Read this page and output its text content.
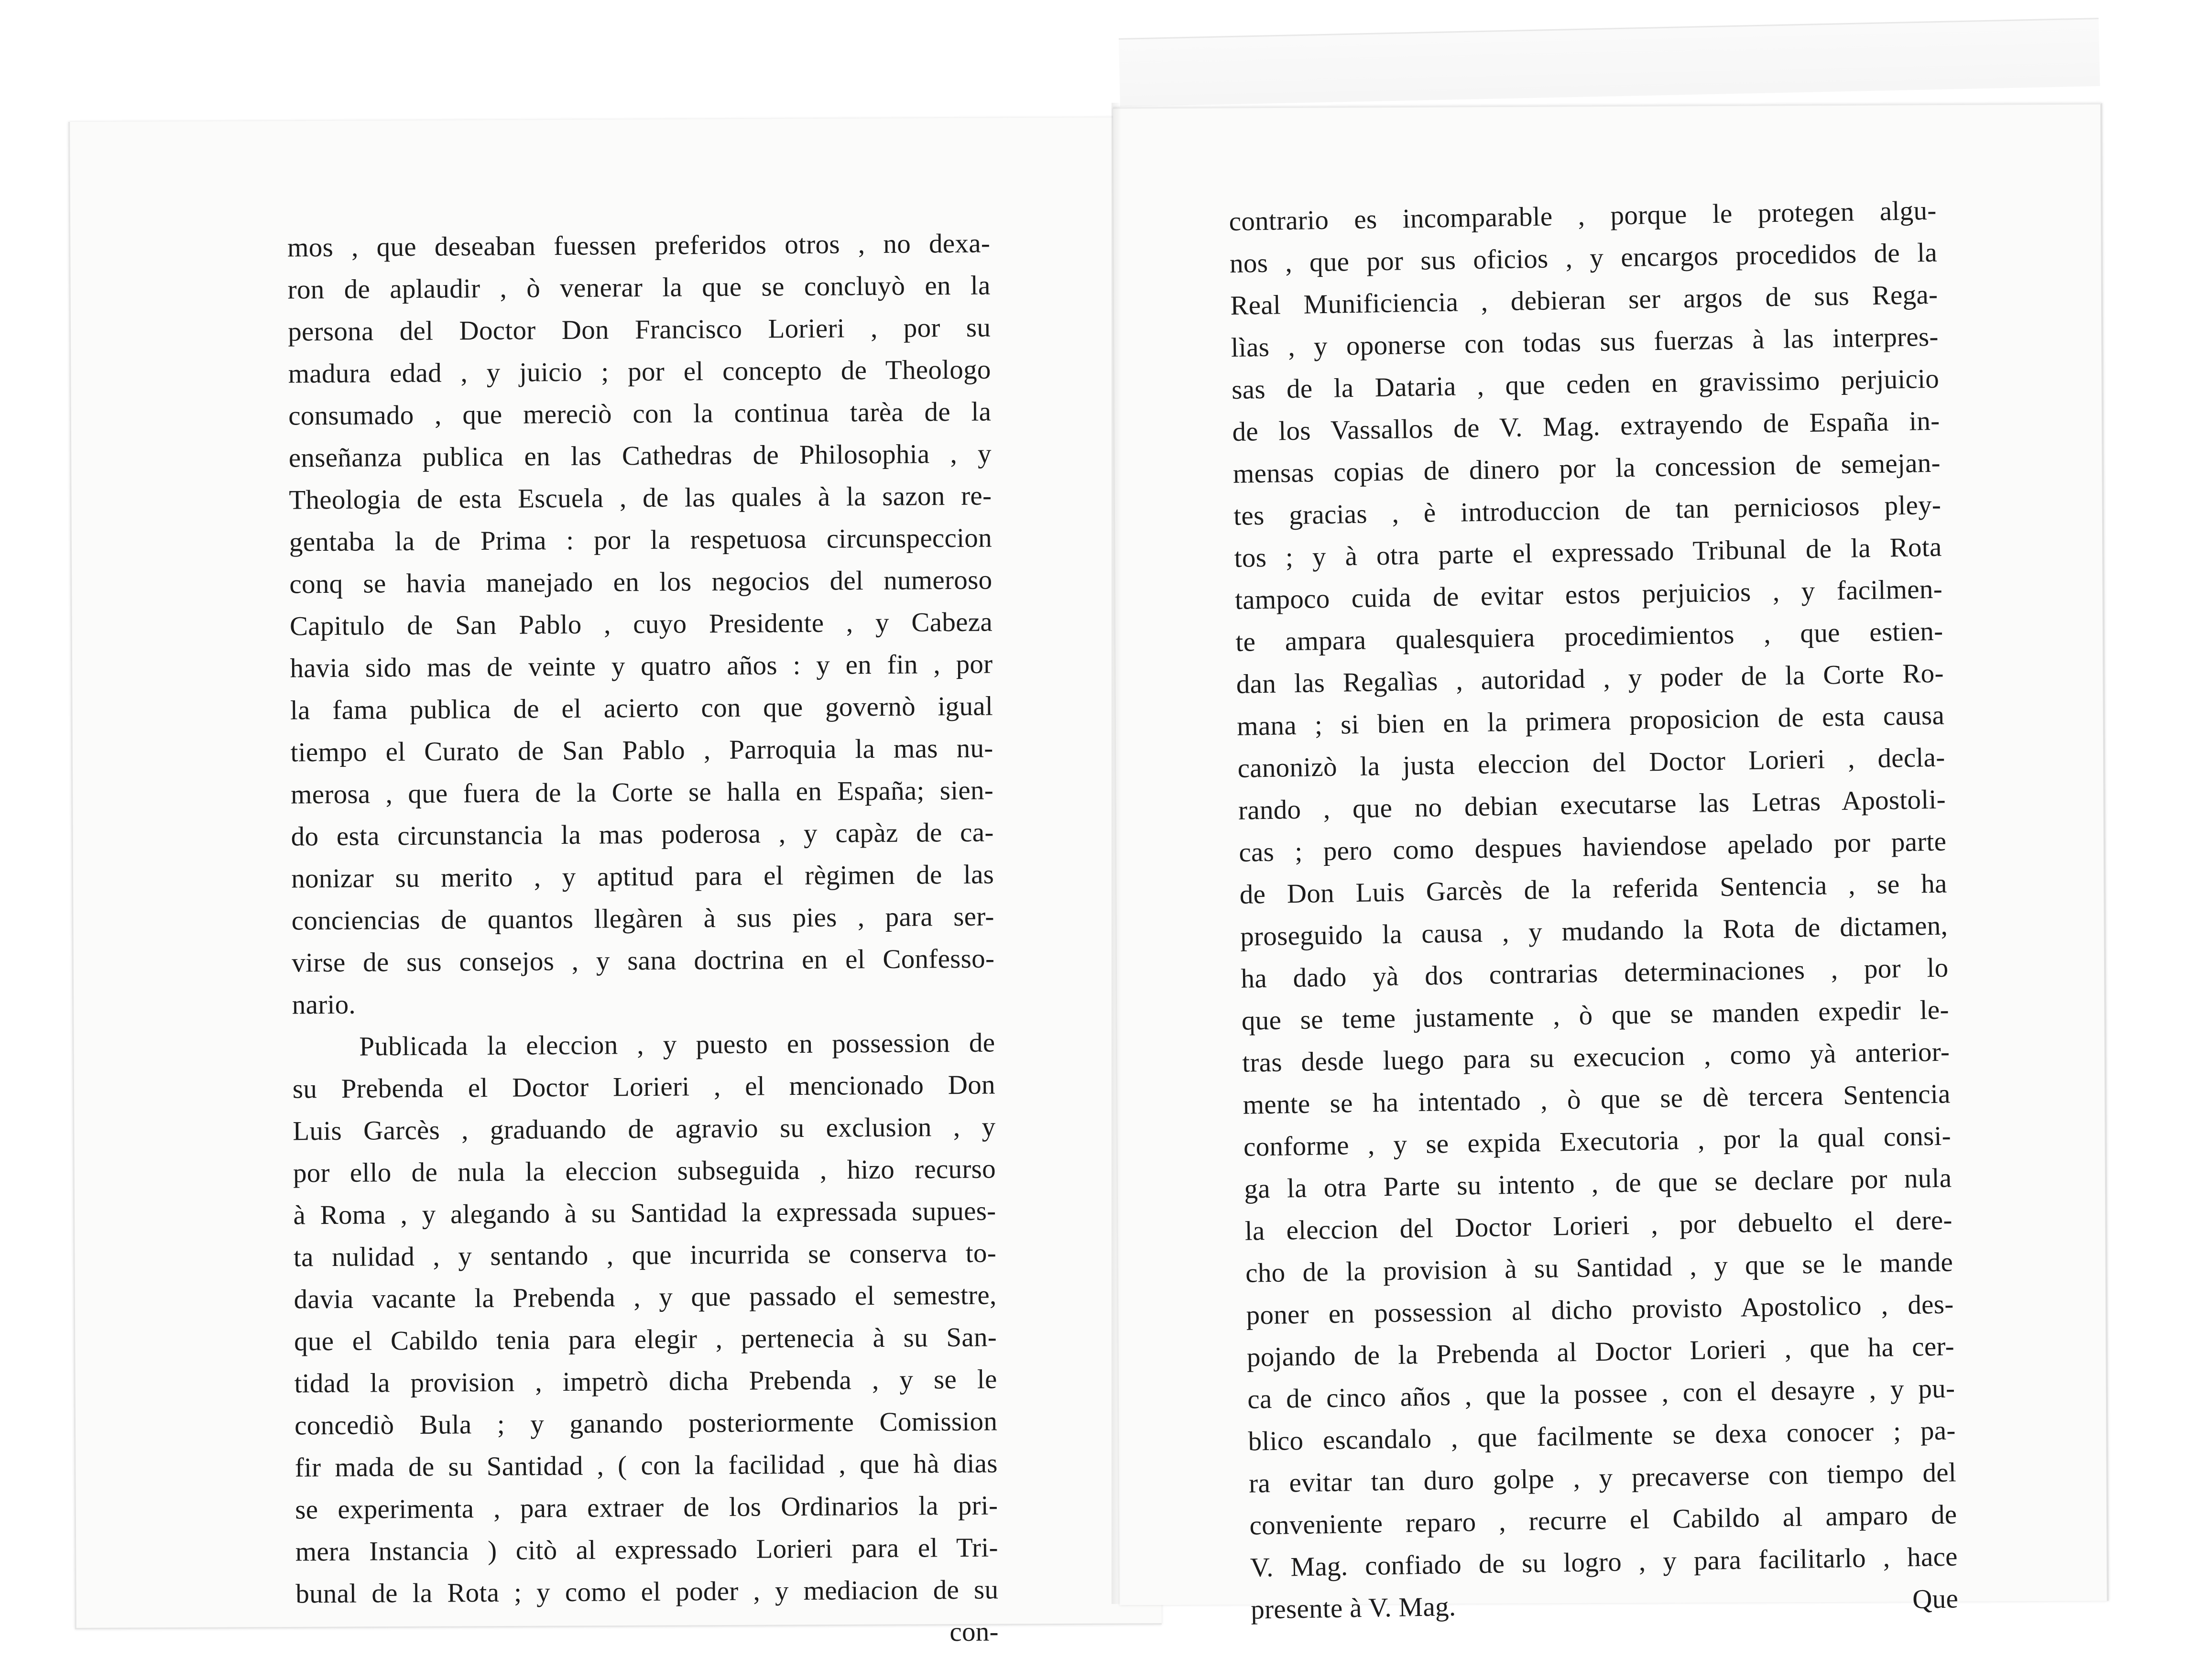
mos , que deseaban fuessen preferidos otros , no dexa-
ron de aplaudir , ò venerar la que se concluyò en la
persona del Doctor Don Francisco Lorieri , por su
madura edad , y juicio ; por el concepto de Theologo
consumado , que mereciò con la continua tarèa de la
enseñanza publica en las Cathedras de Philosophia , y
Theologia de esta Escuela , de las quales à la sazon re-
gentaba la de Prima : por la respetuosa circunspeccion
conq se havia manejado en los negocios del numeroso
Capitulo de San Pablo , cuyo Presidente , y Cabeza
havia sido mas de veinte y quatro años : y en fin , por
la fama publica de el acierto con que governò igual
tiempo el Curato de San Pablo , Parroquia la mas nu-
merosa , que fuera de la Corte se halla en España; sien-
do esta circunstancia la mas poderosa , y capàz de ca-
nonizar su merito , y aptitud para el règimen de las
conciencias de quantos llegàren à sus pies , para ser-
virse de sus consejos , y sana doctrina en el Confesso-
nario.
Publicada la eleccion , y puesto en possession de
su Prebenda el Doctor Lorieri , el mencionado Don
Luis Garcès , graduando de agravio su exclusion , y
por ello de nula la eleccion subseguida , hizo recurso
à Roma , y alegando à su Santidad la expressada supues-
ta nulidad , y sentando , que incurrida se conserva to-
davia vacante la Prebenda , y que passado el semestre,
que el Cabildo tenia para elegir , pertenecia à su San-
tidad la provision , impetrò dicha Prebenda , y se le
concediò Bula ; y ganando posteriormente Comission
fir mada de su Santidad , ( con la facilidad , que hà dias
se experimenta , para extraer de los Ordinarios la pri-
mera Instancia ) citò al expressado Lorieri para el Tri-
bunal de la Rota ; y como el poder , y mediacion de su
con-
contrario es incomparable , porque le protegen algu-
nos , que por sus oficios , y encargos procedidos de la
Real Munificiencia , debieran ser argos de sus Rega-
lìas , y oponerse con todas sus fuerzas à las interpres-
sas de la Dataria , que ceden en gravissimo perjuicio
de los Vassallos de V. Mag. extrayendo de España in-
mensas copias de dinero por la concession de semejan-
tes gracias , è introduccion de tan perniciosos pley-
tos ; y à otra parte el expressado Tribunal de la Rota
tampoco cuida de evitar estos perjuicios , y facilmen-
te ampara qualesquiera procedimientos , que estien-
dan las Regalìas , autoridad , y poder de la Corte Ro-
mana ; si bien en la primera proposicion de esta causa
canonizò la justa eleccion del Doctor Lorieri , decla-
rando , que no debian executarse las Letras Apostoli-
cas ; pero como despues haviendose apelado por parte
de Don Luis Garcès de la referida Sentencia , se ha
proseguido la causa , y mudando la Rota de dictamen,
ha dado yà dos contrarias determinaciones , por lo
que se teme justamente , ò que se manden expedir le-
tras desde luego para su execucion , como yà anterior-
mente se ha intentado , ò que se dè tercera Sentencia
conforme , y se expida Executoria , por la qual consi-
ga la otra Parte su intento , de que se declare por nula
la eleccion del Doctor Lorieri , por debuelto el dere-
cho de la provision à su Santidad , y que se le mande
poner en possession al dicho provisto Apostolico , des-
pojando de la Prebenda al Doctor Lorieri , que ha cer-
ca de cinco años , que la possee , con el desayre , y pu-
blico escandalo , que facilmente se dexa conocer ; pa-
ra evitar tan duro golpe , y precaverse con tiempo del
conveniente reparo , recurre el Cabildo al amparo de
V. Mag. confiado de su logro , y para facilitarlo , hace
presente à V. Mag.	Que
